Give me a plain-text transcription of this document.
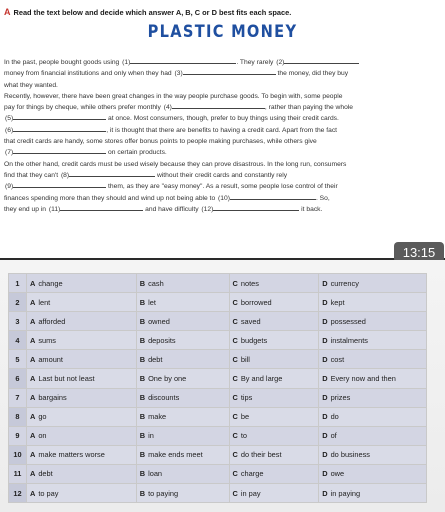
A Read the text below and decide which answer A, B, C or D best fits each space.
PLASTIC MONEY
In the past, people bought goods using (1)	. They rarely (2)
money from financial institutions and only when they had (3)	the money, did they buy
what they wanted.
Recently, however, there have been great changes in the way people purchase goods. To begin with, some people
pay for things by cheque, while others prefer monthly (4)	, rather than paying the whole
(5)	at once. Most consumers, though, prefer to buy things using their credit cards.
(6)	, it is thought that there are benefits to having a credit card. Apart from the fact
that credit cards are handy, some stores offer bonus points to people making purchases, while others give
(7)	on certain products.
On the other hand, credit cards must be used wisely because they can prove disastrous. In the long run, consumers
find that they can't (8)	without their credit cards and constantly rely
(9)	them, as they are "easy money". As a result, some people lose control of their
finances spending more than they should and wind up not being able to (10)	. So,
they end up in (11)	and have difficulty (12)	it back.
13:15
1	A change	B cash	C notes	D currency
2	A lent	B let	C borrowed	D kept
3	A afforded	B owned	C saved	D possessed
4	A sums	B deposits	C budgets	D instalments
5	A amount	B debt	C bill	D cost
6	A Last but not least	B One by one	C By and large	D Every now and then
7	A bargains	B discounts	C tips	D prizes
8	A go	B make	C be	D do
9	A on	B in	C to	D of
10	A make matters worse	B make ends meet	C do their best	D do business
11	A debt	B loan	C charge	D owe
12	A to pay	B to paying	C in pay	D in paying
